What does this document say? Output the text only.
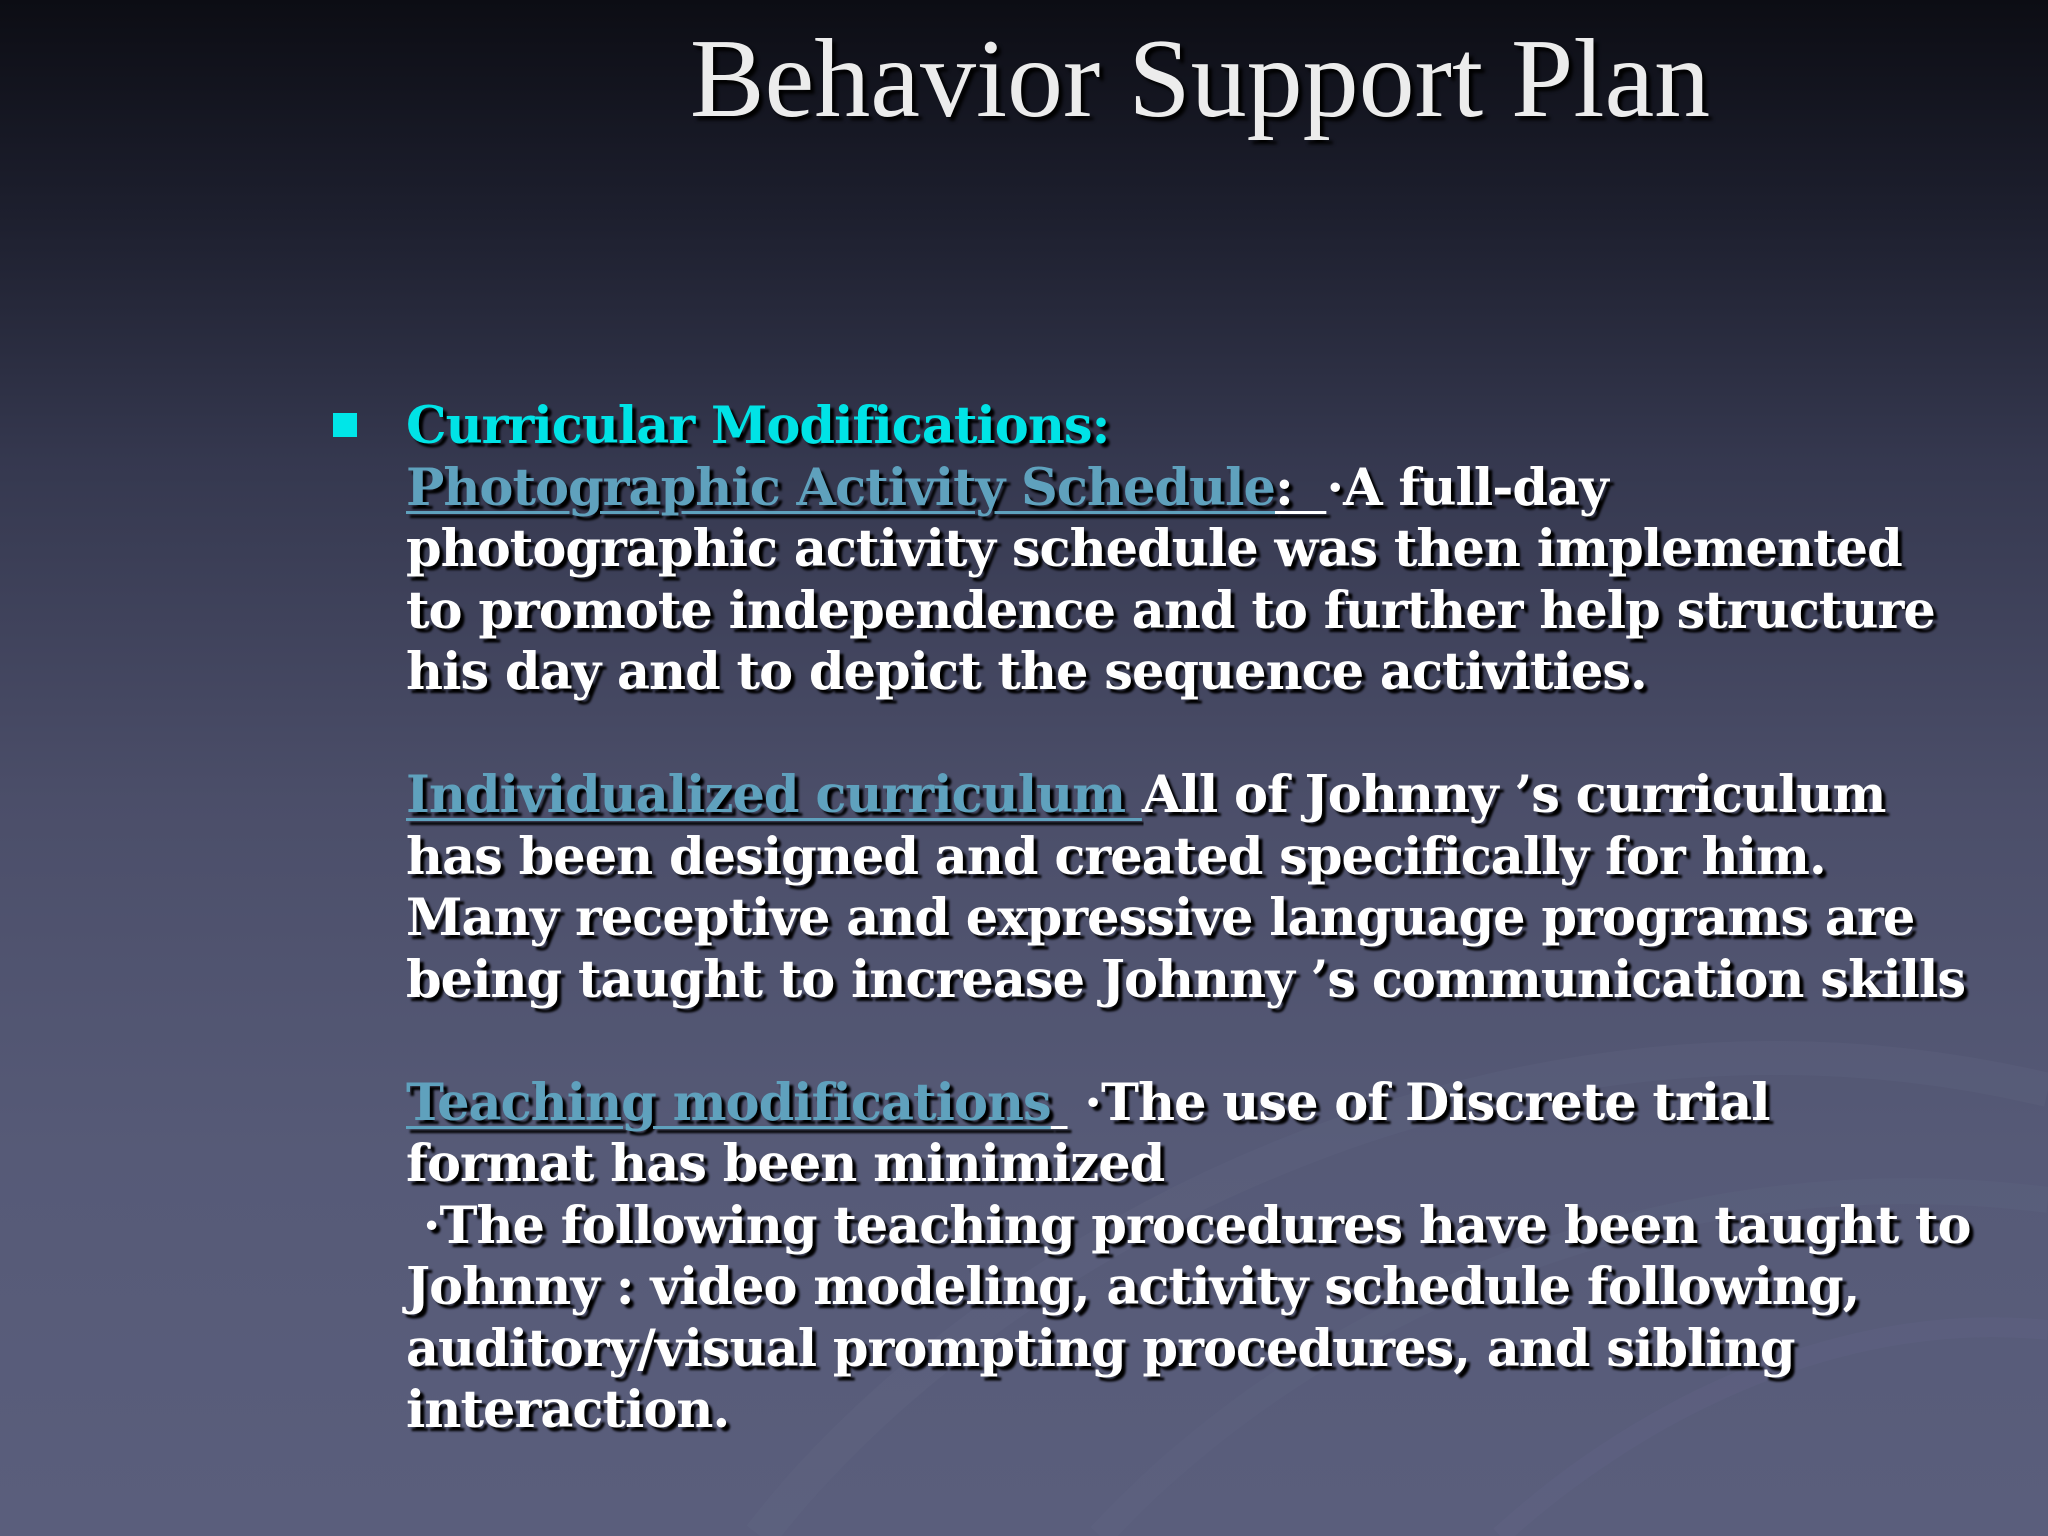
Behavior Support Plan
Curricular Modifications:

Photographic Activity Schedule:  ·A full-day
photographic activity schedule was then implemented
to promote independence and to further help structure
his day and to depict the sequence activities.

Individualized curriculum All of Johnny ’s curriculum
has been designed and created specifically for him.
Many receptive and expressive language programs are
being taught to increase Johnny ’s communication skills

Teaching modifications  ·The use of Discrete trial
format has been minimized
·The following teaching procedures have been taught to
Johnny : video modeling, activity schedule following,
auditory/visual prompting procedures, and sibling
interaction.
